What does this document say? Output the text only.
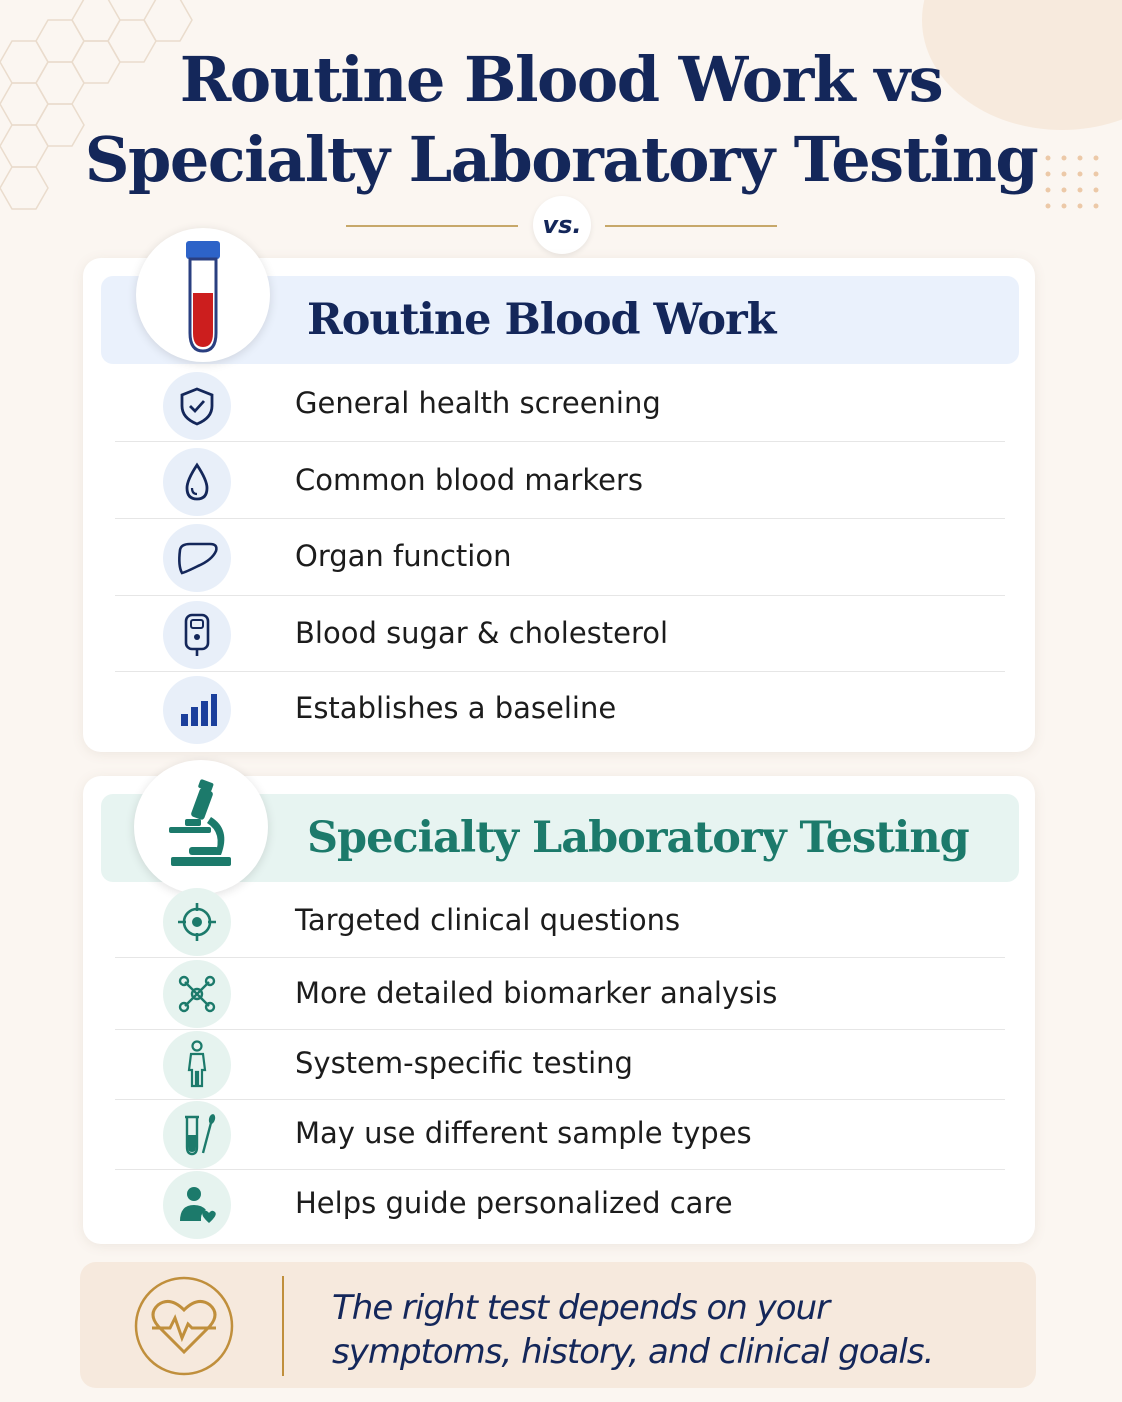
Routine Blood Work vs
Specialty Laboratory Testing
vs.
Routine Blood Work
General health screening
Common blood markers
Organ function
Blood sugar & cholesterol
Establishes a baseline
Specialty Laboratory Testing
Targeted clinical questions
More detailed biomarker analysis
System-specific testing
May use different sample types
Helps guide personalized care
The right test depends on your symptoms, history, and clinical goals.
